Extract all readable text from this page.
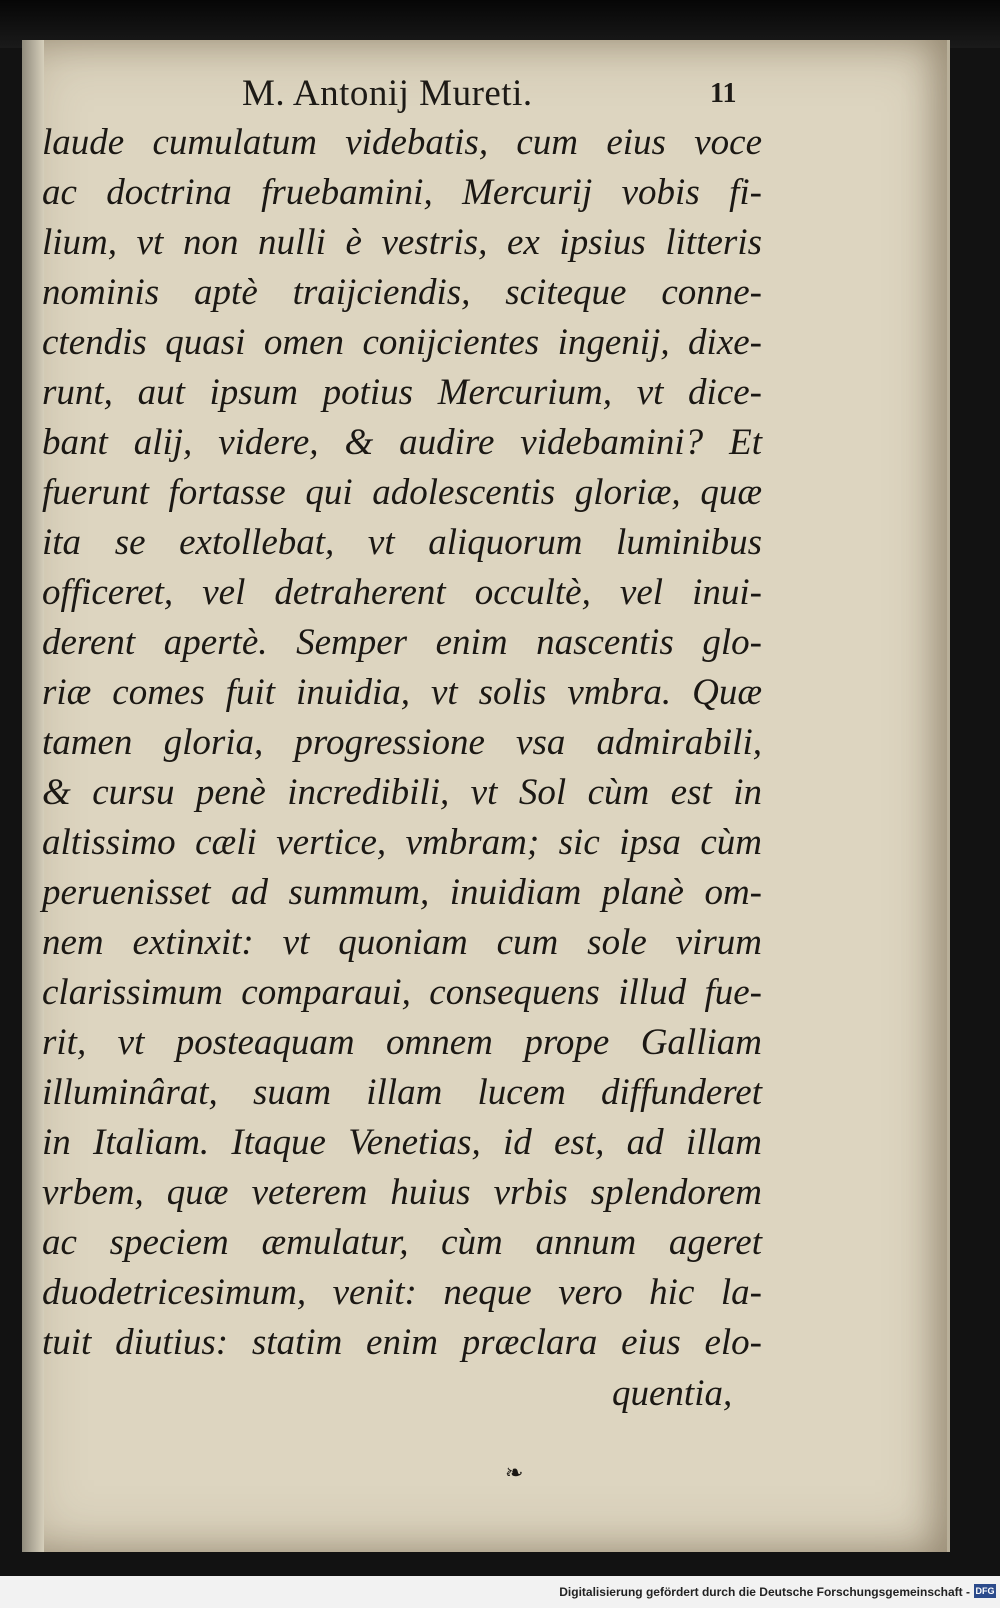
M. Antonij Mureti.	11
laude cumulatum videbatis, cum eius voce
ac doctrina fruebamini, Mercurij vobis fi-
lium, vt non nulli è vestris, ex ipsius litteris
nominis aptè traijciendis, sciteque conne-
ctendis quasi omen conijcientes ingenij, dixe-
runt, aut ipsum potius Mercurium, vt dice-
bant alij, videre, & audire videbamini? Et
fuerunt fortasse qui adolescentis gloriæ, quæ
ita se extollebat, vt aliquorum luminibus
officeret, vel detraherent occultè, vel inui-
derent apertè. Semper enim nascentis glo-
riæ comes fuit inuidia, vt solis vmbra. Quæ
tamen gloria, progressione vsa admirabili,
& cursu penè incredibili, vt Sol cùm est in
altissimo cæli vertice, vmbram; sic ipsa cùm
peruenisset ad summum, inuidiam planè om-
nem extinxit: vt quoniam cum sole virum
clarissimum comparaui, consequens illud fue-
rit, vt posteaquam omnem prope Galliam
illuminârat, suam illam lucem diffunderet
in Italiam. Itaque Venetias, id est, ad illam
vrbem, quæ veterem huius vrbis splendorem
ac speciem æmulatur, cùm annum ageret
duodetricesimum, venit: neque vero hic la-
tuit diutius: statim enim præclara eius elo-
quentia,
❧
Digitalisierung gefördert durch die Deutsche Forschungsgemeinschaft - DFG
